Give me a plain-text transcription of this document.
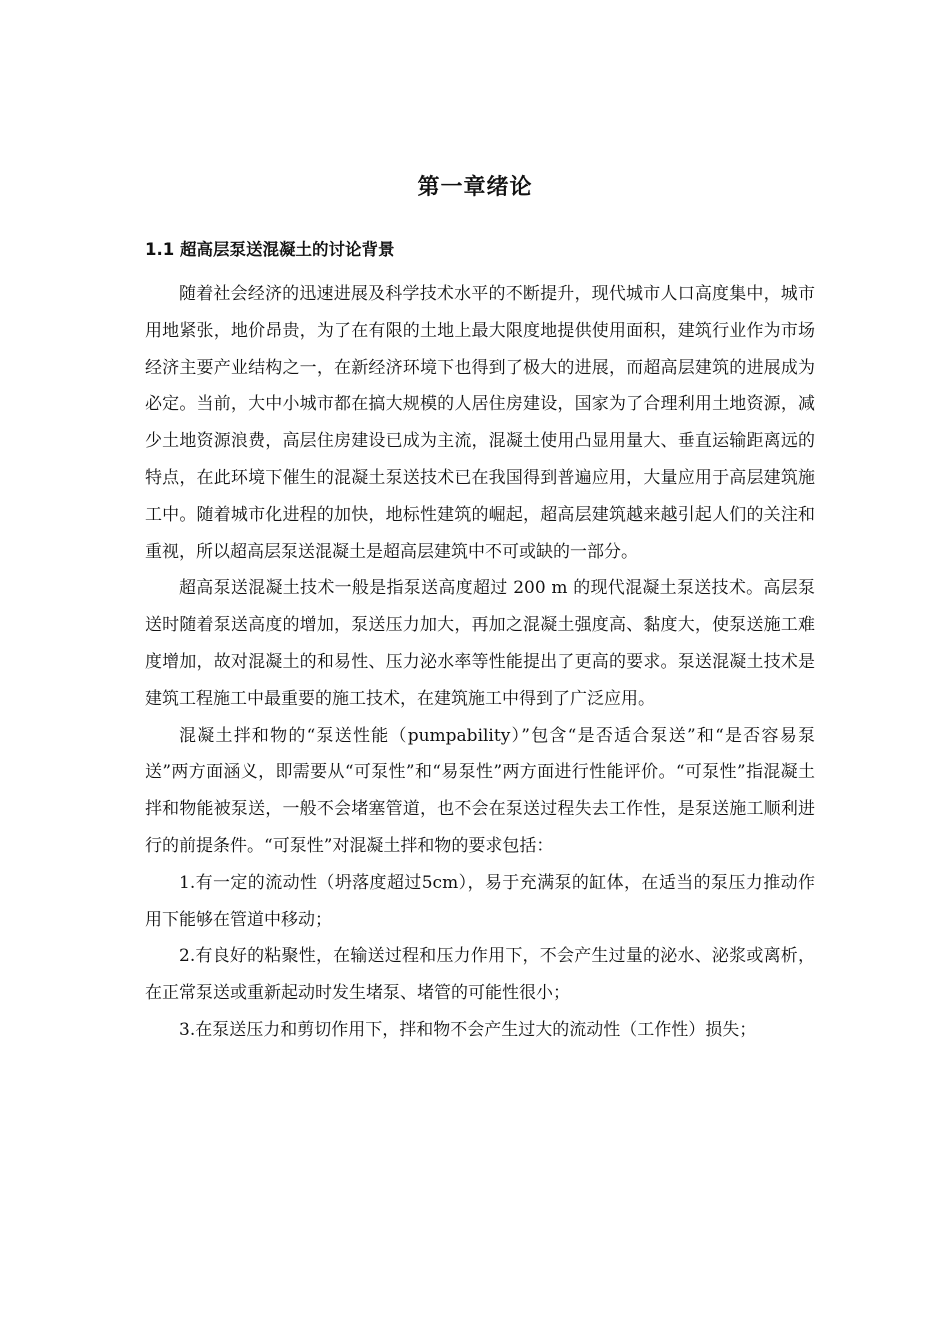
第一章绪论
1.1 超高层泵送混凝土的讨论背景

随着社会经济的迅速进展及科学技术水平的不断提升，现代城市人口高度集中，城市用地紧张，地价昂贵，为了在有限的土地上最大限度地提供使用面积，建筑行业作为市场经济主要产业结构之一，在新经济环境下也得到了极大的进展，而超高层建筑的进展成为必定。当前，大中小城市都在搞大规模的人居住房建设，国家为了合理利用土地资源，减少土地资源浪费，高层住房建设已成为主流，混凝土使用凸显用量大、垂直运输距离远的特点，在此环境下催生的混凝土泵送技术已在我国得到普遍应用，大量应用于高层建筑施工中。随着城市化进程的加快，地标性建筑的崛起，超高层建筑越来越引起人们的关注和重视，所以超高层泵送混凝土是超高层建筑中不可或缺的一部分。

超高泵送混凝土技术一般是指泵送高度超过 200 m 的现代混凝土泵送技术。高层泵送时随着泵送高度的增加，泵送压力加大，再加之混凝土强度高、黏度大，使泵送施工难度增加，故对混凝土的和易性、压力泌水率等性能提出了更高的要求。泵送混凝土技术是建筑工程施工中最重要的施工技术，在建筑施工中得到了广泛应用。

混凝土拌和物的“泵送性能（pumpability）”包含“是否适合泵送”和“是否容易泵送”两方面涵义，即需要从“可泵性”和“易泵性”两方面进行性能评价。“可泵性”指混凝土拌和物能被泵送，一般不会堵塞管道，也不会在泵送过程失去工作性，是泵送施工顺利进行的前提条件。“可泵性”对混凝土拌和物的要求包括：

1.有一定的流动性（坍落度超过5cm），易于充满泵的缸体，在适当的泵压力推动作用下能够在管道中移动；

2.有良好的粘聚性，在输送过程和压力作用下，不会产生过量的泌水、泌浆或离析，在正常泵送或重新起动时发生堵泵、堵管的可能性很小；

3.在泵送压力和剪切作用下，拌和物不会产生过大的流动性（工作性）损失；
